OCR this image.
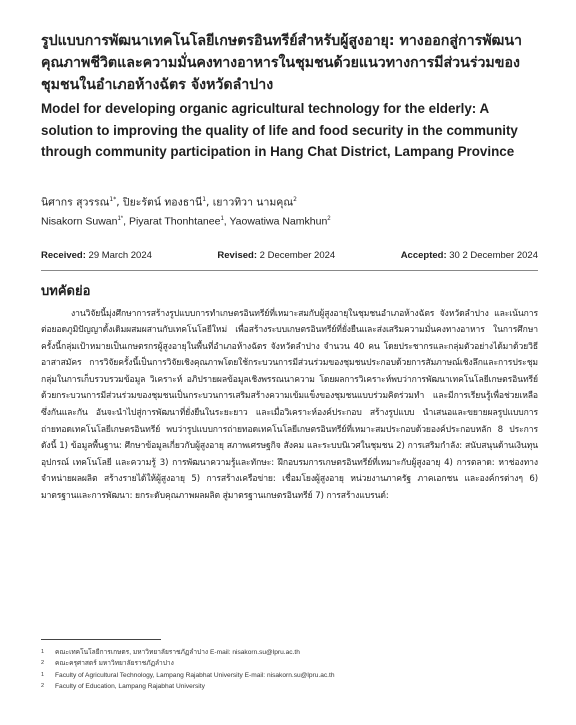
รูปแบบการพัฒนาเทคโนโลยีเกษตรอินทรีย์สำหรับผู้สูงอายุ: ทางออกสู่การพัฒนาคุณภาพชีวิตและความมั่นคงทางอาหารในชุมชนด้วยแนวทางการมีส่วนร่วมของชุมชนในอำเภอห้างฉัตร จังหวัดลำปาง
Model for developing organic agricultural technology for the elderly: A solution to improving the quality of life and food security in the community through community participation in Hang Chat District, Lampang Province
นิศากร สุวรรณ$^{1*}$, ปิยะรัตน์ ทองธานี$^1$, เยาวทิวา นามคุณ$^2$
Nisakorn Suwan$^{1*}$, Piyarat Thonhtanee$^1$, Yaowatiwa Namkhun$^2$
Received: 29 March 2024	Revised: 2 December 2024	Accepted: 30 2 December 2024
บทคัดย่อ

งานวิจัยนี้มุ่งศึกษาการสร้างรูปแบบการทำเกษตรอินทรีย์ที่เหมาะสมกับผู้สูงอายุในชุมชนอำเภอห้างฉัตร จังหวัดลำปาง และเน้นการต่อยอดภูมิปัญญาดั้งเดิมผสมผสานกับเทคโนโลยีใหม่ เพื่อสร้างระบบเกษตรอินทรีย์ที่ยั่งยืนและส่งเสริมความมั่นคงทางอาหาร ในการศึกษาครั้งนี้กลุ่มเป้าหมายเป็นเกษตรกรผู้สูงอายุในพื้นที่อำเภอห้างฉัตร จังหวัดลำปาง จำนวน 40 คน โดยประชากรและกลุ่มตัวอย่างได้มาด้วยวิธีอาสาสมัคร การวิจัยครั้งนี้เป็นการวิจัยเชิงคุณภาพโดยใช้กระบวนการมีส่วนร่วมของชุมชนประกอบด้วยการสัมภาษณ์เชิงลึกและการประชุมกลุ่มในการเก็บรวบรวมข้อมูล วิเคราะห์ อภิปรายผลข้อมูลเชิงพรรณนาความ โดยผลการวิเคราะห์พบว่าการพัฒนาเทคโนโลยีเกษตรอินทรีย์ด้วยกระบวนการมีส่วนร่วมของชุมชนเป็นกระบวนการเสริมสร้างความเข้มแข็งของชุมชนแบบร่วมคิดร่วมทำ และมีการเรียนรู้เพื่อช่วยเหลือซึ่งกันและกัน อันจะนำไปสู่การพัฒนาที่ยั่งยืนในระยะยาว และเมื่อวิเคราะห์องค์ประกอบ สร้างรูปแบบ นำเสนอและขยายผลรูปแบบการถ่ายทอดเทคโนโลยีเกษตรอินทรีย์ พบว่ารูปแบบการถ่ายทอดเทคโนโลยีเกษตรอินทรีย์ที่เหมาะสมประกอบด้วยองค์ประกอบหลัก 8 ประการ ดังนี้ 1) ข้อมูลพื้นฐาน: ศึกษาข้อมูลเกี่ยวกับผู้สูงอายุ สภาพเศรษฐกิจ สังคม และระบบนิเวศในชุมชน 2) การเสริมกำลัง: สนับสนุนด้านเงินทุน อุปกรณ์ เทคโนโลยี และความรู้ 3) การพัฒนาความรู้และทักษะ: ฝึกอบรมการเกษตรอินทรีย์ที่เหมาะกับผู้สูงอายุ 4) การตลาด: หาช่องทางจำหน่ายผลผลิต สร้างรายได้ให้ผู้สูงอายุ 5) การสร้างเครือข่าย: เชื่อมโยงผู้สูงอายุ หน่วยงานภาครัฐ ภาคเอกชน และองค์กรต่างๆ 6) มาตรฐานและการพัฒนา: ยกระดับคุณภาพผลผลิต สู่มาตรฐานเกษตรอินทรีย์ 7) การสร้างแบรนด์:

1	คณะเทคโนโลยีการเกษตร, มหาวิทยาลัยราชภัฏลำปาง E-mail: nisakorn.su@lpru.ac.th
2	คณะครุศาสตร์ มหาวิทยาลัยราชภัฏลำปาง
1	Faculty of Agricultural Technology, Lampang Rajabhat University E-mail: nisakorn.su@lpru.ac.th
2	Faculty of Education, Lampang Rajabhat University
